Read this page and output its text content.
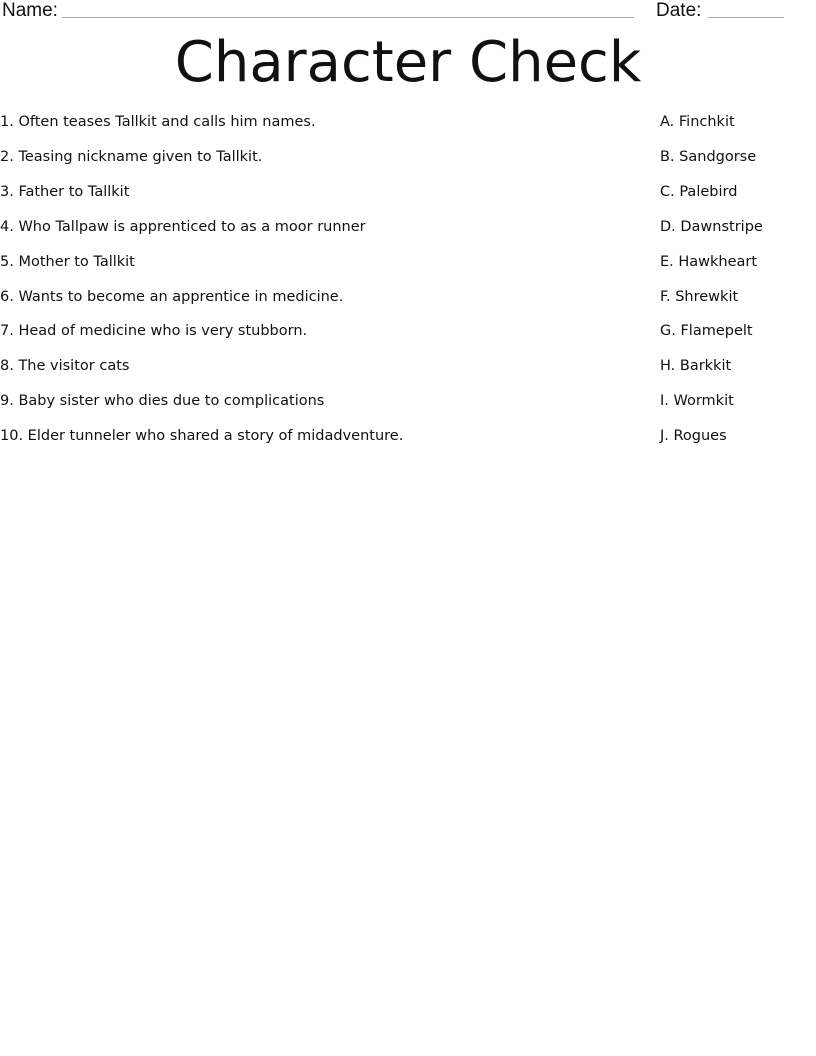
Name:	Date:
Character Check
1. Often teases Tallkit and calls him names.	A. Finchkit
2. Teasing nickname given to Tallkit.	B. Sandgorse
3. Father to Tallkit	C. Palebird
4. Who Tallpaw is apprenticed to as a moor runner	D. Dawnstripe
5. Mother to Tallkit	E. Hawkheart
6. Wants to become an apprentice in medicine.	F. Shrewkit
7. Head of medicine who is very stubborn.	G. Flamepelt
8. The visitor cats	H. Barkkit
9. Baby sister who dies due to complications	I. Wormkit
10. Elder tunneler who shared a story of midadventure.	J. Rogues
